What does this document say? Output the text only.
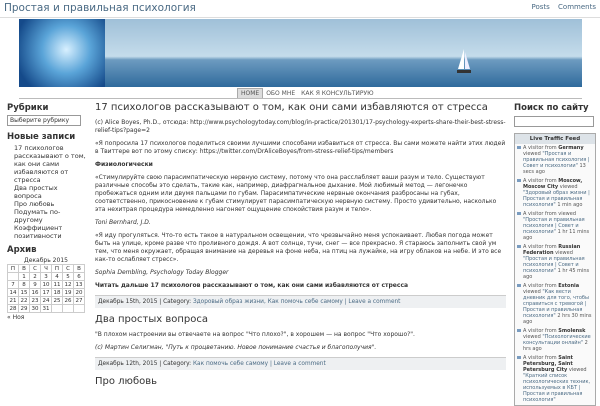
Простая и правильная психология	Posts Comments
HOME ОБО МНЕ КАК Я КОНСУЛЬТИРУЮ
Рубрики
Выберите рубрику
Новые записи
17 психологов
рассказывают о том,
как они сами
избавляются от стресса
Два простых вопроса
Про любовь
Подумать по-другому
Коэффициент
позитивности
Архив
Декабрь 2015
П	В	С	Ч	П	С	В
	1	2	3	4	5	6
7	8	9	10	11	12	13
14	15	16	17	18	19	20
21	22	23	24	25	26	27
28	29	30	31			
« Ноя
17 психологов рассказывают о том, как они сами избавляются от стресса

(c) Alice Boyes, Ph.D., отсюда: http://www.psychologytoday.com/blog/in-practice/201301/17-psychology-experts-share-their-best-stress-relief-tips?page=2

«Я попросила 17 психологов поделиться своими лучшими способами избавиться от стресса. Вы сами можете найти этих людей в Твиттере вот по этому списку: https://twitter.com/DrAliceBoyes/from-stress-relief-tips/members

Физиологически

«Стимулируйте свою парасимпатическую нервную систему, потому что она расслабляет ваши разум и тело. Существуют различные способы это сделать, такие как, например, диафрагмальное дыхание. Мой любимый метод — легонечко пробежаться одним или двумя пальцами по губам. Парасимпатические нервные окончания разбросаны на губах, соответственно, прикосновение к губам стимулирует парасимпатическую нервную систему. Просто удивительно, насколько эта нехитрая процедура немедленно нагоняет ощущение спокойствия разум и тело».

Toni Bernhard, J.D.

«Я иду прогуляться. Что-то есть такое в натуральном освещении, что чрезвычайно меня успокаивает. Любая погода может быть на улице, кроме разве что проливного дождя. А вот солнце, тучи, снег — все прекрасно. Я стараюсь заполнить свой ум тем, что меня окружает, обращая внимание на деревья на фоне неба, на птиц на лужайке, на игру облаков на небе. И это все как-то ослабляет стресс».

Sophia Dembling, Psychology Today Blogger

Читать дальше 17 психологов рассказывают о том, как они сами избавляются от стресса

Декабрь 15th, 2015 | Category: Здоровый образ жизни, Как помочь себе самому | Leave a comment
Два простых вопроса

"В плохом настроении вы отвечаете на вопрос "Что плохо?", в хорошем — на вопрос "Что хорошо?".

(с) Мартин Селигман, "Путь к процветанию. Новое понимание счастья и благополучия".

Декабрь 12th, 2015 | Category: Как помочь себе самому | Leave a comment
Про любовь
Поиск по сайту
Live Traffic Feed
A visitor from Germany viewed "Простая и правильная психология | Совет и психологии" 13 secs ago
A visitor from Moscow, Moscow City viewed "Здоровый образ жизни | Простая и правильная психология" 1 min ago
A visitor from viewed "Простая и правильная психология | Совет и психологии" 1 hr 11 mins ago
A visitor from Russian Federation viewed "Простая и правильная психология | Совет и психологии" 1 hr 45 mins ago
A visitor from Estonia viewed "Как вести дневник для того, чтобы справиться с тревогой | Простая и правильная психология" 2 hrs 30 mins ago
A visitor from Smolensk viewed "Психологические консультации онлайн" 2 hrs ago
A visitor from Saint Petersburg, Saint Petersburg City viewed "Краткий список психологических техник, используемых в КБТ | Простая и правильная психология"
